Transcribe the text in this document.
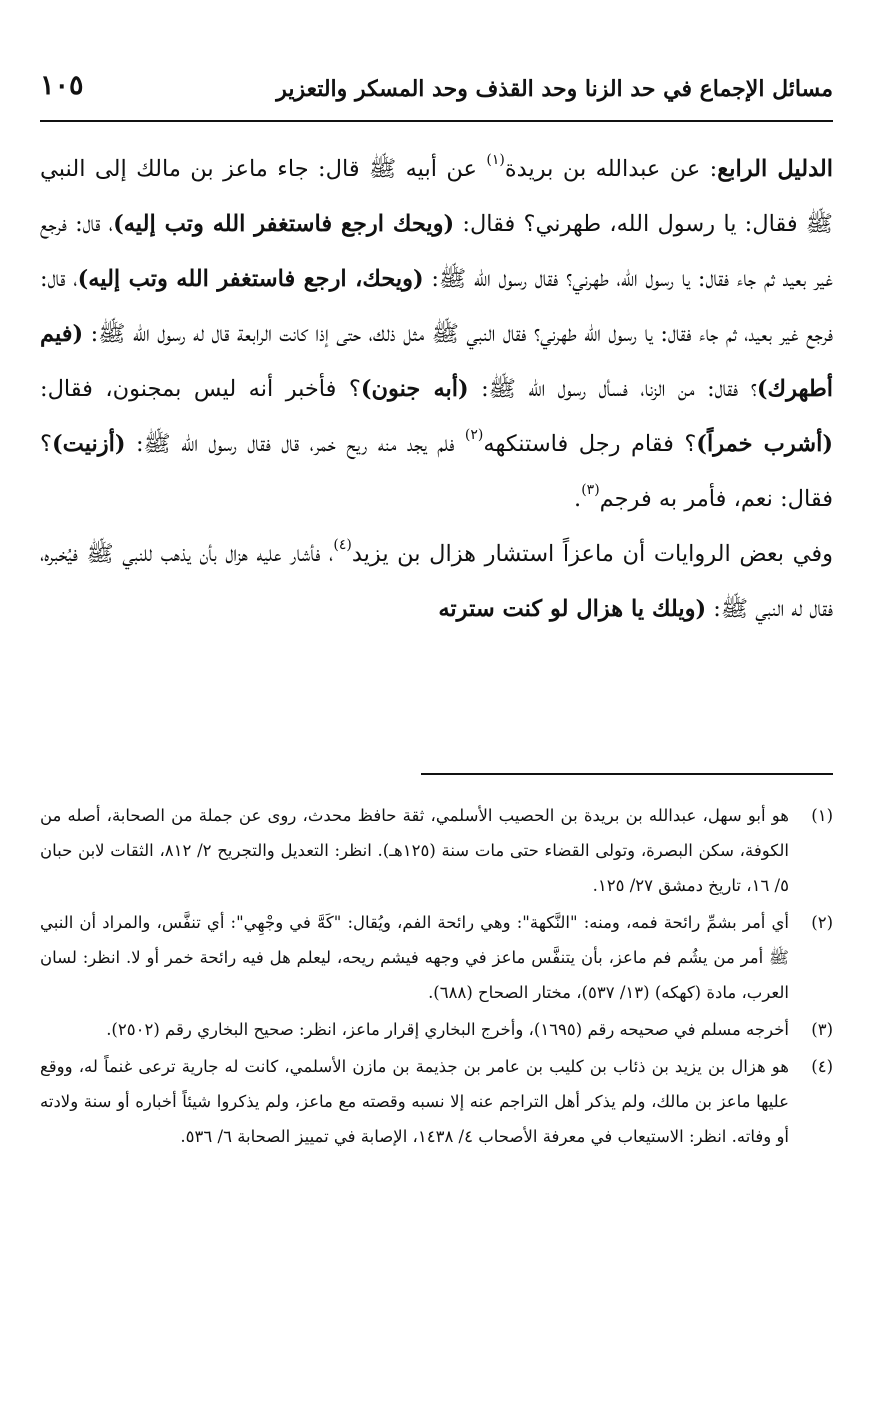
مسائل الإجماع في حد الزنا وحد القذف وحد المسكر والتعزير
١٠٥

الدليل الرابع: عن عبدالله بن بريدة$^{(١)}$ عن أبيه ﷺ قال: جاء ماعز بن مالك إلى النبي ﷺ فقال: يا رسول الله، طهرني؟ فقال: (ويحك ارجع فاستغفر الله وتب إليه)، قال: فرجع غير بعيد ثم جاء فقال: يا رسول الله، طهرني؟ فقال رسول الله ﷺ: (ويحك، ارجع فاستغفر الله وتب إليه)، قال: فرجع غير بعيد، ثم جاء فقال: يا رسول الله طهرني؟ فقال النبي ﷺ مثل ذلك، حتى إذا كانت الرابعة قال له رسول الله ﷺ: (فيم أطهرك)؟ فقال: من الزنا، فسأل رسول الله ﷺ: (أبه جنون)؟ فأخبر أنه ليس بمجنون، فقال: (أشرب خمراً)؟ فقام رجل فاستنكهه$^{(٢)}$ فلم يجد منه ريح خمر، قال فقال رسول الله ﷺ: (أزنيت)؟ فقال: نعم، فأمر به فرجم$^{(٣)}$.

وفي بعض الروايات أن ماعزاً استشار هزال بن يزيد$^{(٤)}$، فأشار عليه هزال بأن يذهب للنبي ﷺ فيُخبره، فقال له النبي ﷺ: (ويلك يا هزال لو كنت سترته

(١)
هو أبو سهل، عبدالله بن بريدة بن الحصيب الأسلمي، ثقة حافظ محدث، روى عن جملة من الصحابة، أصله من الكوفة، سكن البصرة، وتولى القضاء حتى مات سنة (١٢٥هـ). انظر: التعديل والتجريح ٢/ ٨١٢، الثقات لابن حبان ٥/ ١٦، تاريخ دمشق ٢٧/ ١٢٥.
(٢)
أي أمر بشمِّ رائحة فمه، ومنه: "النَّكهة": وهي رائحة الفم، ويُقال: "كَهَّ في وجْهِي": أي تنفَّس، والمراد أن النبي ﷺ أمر من يشُم فم ماعز، بأن يتنفَّس ماعز في وجهه فيشم ريحه، ليعلم هل فيه رائحة خمر أو لا. انظر: لسان العرب، مادة (كهكه) (١٣/ ٥٣٧)، مختار الصحاح (٦٨٨).
(٣)
أخرجه مسلم في صحيحه رقم (١٦٩٥)، وأخرج البخاري إقرار ماعز، انظر: صحيح البخاري رقم (٢٥٠٢).
(٤)
هو هزال بن يزيد بن ذئاب بن كليب بن عامر بن جذيمة بن مازن الأسلمي، كانت له جارية ترعى غنماً له، ووقع عليها ماعز بن مالك، ولم يذكر أهل التراجم عنه إلا نسبه وقصته مع ماعز، ولم يذكروا شيئاً أخباره أو سنة ولادته أو وفاته. انظر: الاستيعاب في معرفة الأصحاب ٤/ ١٤٣٨، الإصابة في تمييز الصحابة ٦/ ٥٣٦.
